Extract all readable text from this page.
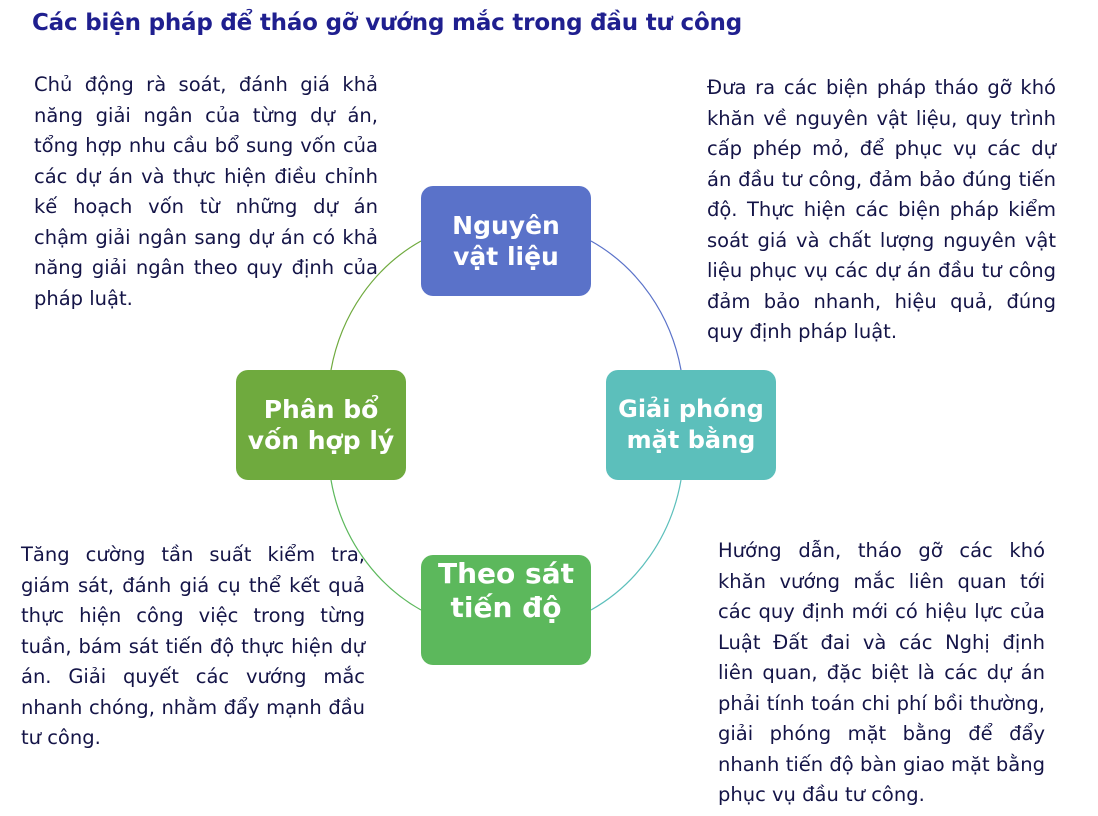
Các biện pháp để tháo gỡ vướng mắc trong đầu tư công
Chủ động rà soát, đánh giá khả năng giải ngân của từng dự án, tổng hợp nhu cầu bổ sung vốn của các dự án và thực hiện điều chỉnh kế hoạch vốn từ những dự án chậm giải ngân sang dự án có khả năng giải ngân theo quy định của pháp luật.
Đưa ra các biện pháp tháo gỡ khó khăn về nguyên vật liệu, quy trình cấp phép mỏ, để phục vụ các dự án đầu tư công, đảm bảo đúng tiến độ. Thực hiện các biện pháp kiểm soát giá và chất lượng nguyên vật liệu phục vụ các dự án đầu tư công đảm bảo nhanh, hiệu quả, đúng quy định pháp luật.
Tăng cường tần suất kiểm tra, giám sát, đánh giá cụ thể kết quả thực hiện công việc trong từng tuần, bám sát tiến độ thực hiện dự án. Giải quyết các vướng mắc nhanh chóng, nhằm đẩy mạnh đầu tư công.
Hướng dẫn, tháo gỡ các khó khăn vướng mắc liên quan tới các quy định mới có hiệu lực của Luật Đất đai và các Nghị định liên quan, đặc biệt là các dự án phải tính toán chi phí bồi thường, giải phóng mặt bằng để đẩy nhanh tiến độ bàn giao mặt bằng phục vụ đầu tư công.
Nguyên vật liệu
Giải phóng mặt bằng
Phân bổ vốn hợp lý
Theo sát tiến độ
